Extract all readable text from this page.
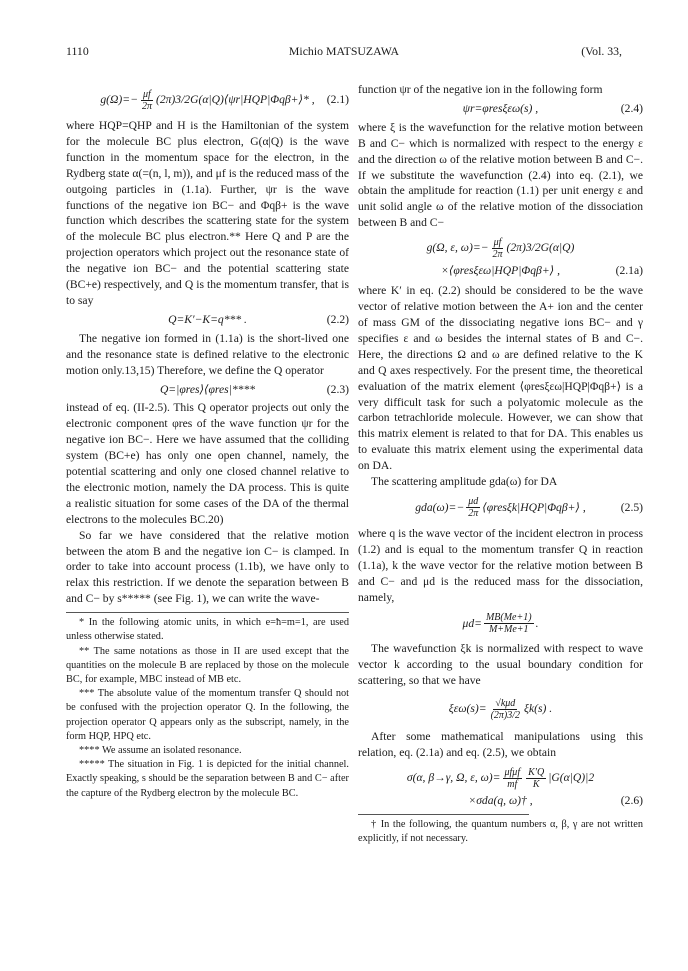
1110	Michio MATSUZAWA	(Vol. 33,
$g(\Omega)=- \frac{\mu f}{2\pi}$ (2π)3/2G(α|Q)⟨ψr|HQP|Φqβ+⟩* , (2.1)

where HQP=QHP and H is the Hamiltonian of the system for the molecule BC plus electron, G(α|Q) is the wave function in the momentum space for the electron, in the Rydberg state α(=(n, l, m)), and μf is the reduced mass of the outgoing particles in (1.1a). Further, ψr is the wave functions of the negative ion BC− and Φqβ+ is the wave function which describes the scattering state for the system of the molecule BC plus electron.** Here Q and P are the projection operators which project out the resonance state of the negative ion BC− and the potential scattering state (BC+e) respectively, and Q is the momentum transfer, that is to say

Q=K′−K=q*** .	(2.2)

The negative ion formed in (1.1a) is the short-lived one and the resonance state is defined relative to the electronic motion only.13,15) Therefore, we define the Q operator

Q=|φres⟩⟨φres|****	(2.3)

instead of eq. (II-2.5). This Q operator projects out only the electronic component φres of the wave function ψr for the negative ion BC−. Here we have assumed that the colliding system (BC+e) has only one open channel, namely, the potential scattering and only one closed channel relative to the electronic motion, namely the DA process. This is quite a realistic situation for some cases of the DA of the thermal electrons to the molecules BC.20)

So far we have considered that the relative motion between the atom B and the negative ion C− is clamped. In order to take into account process (1.1b), we have only to relax this restriction. If we denote the separation between B and C− by s***** (see Fig. 1), we can write the wave-

* In the following atomic units, in which e=ħ=m=1, are used unless otherwise stated.

** The same notations as those in II are used except that the quantities on the molecule B are replaced by those on the molecule BC, for example, MBC instead of MB etc.

*** The absolute value of the momentum transfer Q should not be confused with the projection operator Q. In the following, the projection operator Q appears only as the subscript, namely, in the form HQP, HPQ etc.

**** We assume an isolated resonance.

***** The situation in Fig. 1 is depicted for the initial channel. Exactly speaking, s should be the separation between B and C− after the capture of the Rydberg electron by the molecule BC.

function ψr of the negative ion in the following form

ψr=φresξεω(s) ,	(2.4)

where ξ is the wavefunction for the relative motion between B and C− which is normalized with respect to the energy ε and the direction ω of the relative motion between B and C−. If we substitute the wavefunction (2.4) into eq. (2.1), we obtain the amplitude for reaction (1.1) per unit energy ε and unit solid angle ω of the relative motion of the dissociation between B and C−

g(Ω, ε, $\omega)=- \frac{\mu f}{2\pi} (2\pi)3/2G(\alpha|Q)$
×⟨φresξεω|HQP|Φqβ+⟩ ,	(2.1a)

where K′ in eq. (2.2) should be considered to be the wave vector of relative motion between the A+ ion and the center of mass GM of the dissociating negative ions BC− and γ specifies ε and ω besides the internal states of B and C−. Here, the directions Ω and ω are defined relative to the K and Q axes respectively. For the present time, the theoretical evaluation of the matrix element ⟨φresξεω|HQP|Φqβ+⟩ is a very difficult task for such a polyatomic molecule as the carbon tetrachloride molecule. However, we can show that this matrix element is related to that for DA. This enables us to evaluate this matrix element using the experimental data on DA.

The scattering amplitude gda(ω) for DA

$gda(\omega)=- \frac{\mu d}{2\pi}$ ⟨φresξk|HQP|Φqβ+⟩ ,	(2.5)

where q is the wave vector of the incident electron in process (1.2) and is equal to the momentum transfer Q in reaction (1.1a), k the wave vector for the relative motion between B and C− and μd is the reduced mass for the dissociation, namely,

$\mu d= \frac{MB(Me+1)}{M+Me+1}$ .

The wavefunction ξk is normalized with respect to wave vector k according to the usual boundary condition for scattering, so that we have

$\xi\varepsilon\omega(s)= \frac{\text{√kμd}}{(2\pi)3/2} \xi k(s)$ .

After some mathematical manipulations using this relation, eq. (2.1a) and eq. (2.5), we obtain

σ(α, β→γ, Ω, ε, $\omega)= \frac{\text{μfμf}}{mf} \frac{K'Q}{K} |G(\alpha|Q)|2$
×σda(q, ω)† ,	(2.6)

† In the following, the quantum numbers α, β, γ are not written explicitly, if not necessary.
